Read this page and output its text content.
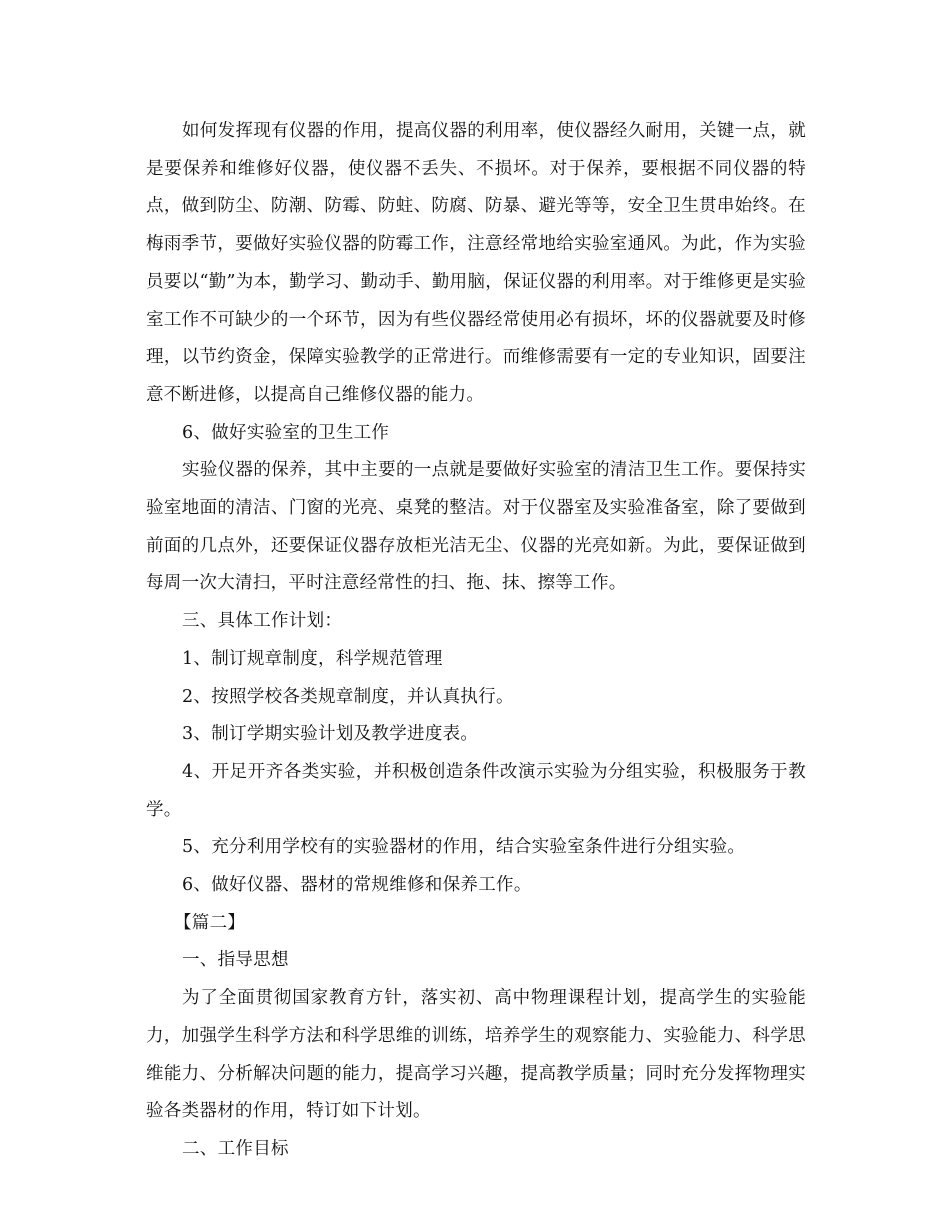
如何发挥现有仪器的作用，提高仪器的利用率，使仪器经久耐用，关键一点，就是要保养和维修好仪器，使仪器不丢失、不损坏。对于保养，要根据不同仪器的特点，做到防尘、防潮、防霉、防蛀、防腐、防暴、避光等等，安全卫生贯串始终。在梅雨季节，要做好实验仪器的防霉工作，注意经常地给实验室通风。为此，作为实验员要以“勤”为本，勤学习、勤动手、勤用脑，保证仪器的利用率。对于维修更是实验室工作不可缺少的一个环节，因为有些仪器经常使用必有损坏，坏的仪器就要及时修理，以节约资金，保障实验教学的正常进行。而维修需要有一定的专业知识，固要注意不断进修，以提高自己维修仪器的能力。

6、做好实验室的卫生工作

实验仪器的保养，其中主要的一点就是要做好实验室的清洁卫生工作。要保持实验室地面的清洁、门窗的光亮、桌凳的整洁。对于仪器室及实验准备室，除了要做到前面的几点外，还要保证仪器存放柜光洁无尘、仪器的光亮如新。为此，要保证做到每周一次大清扫，平时注意经常性的扫、拖、抹、擦等工作。

三、具体工作计划：

1、制订规章制度，科学规范管理

2、按照学校各类规章制度，并认真执行。

3、制订学期实验计划及教学进度表。

4、开足开齐各类实验，并积极创造条件改演示实验为分组实验，积极服务于教学。

5、充分利用学校有的实验器材的作用，结合实验室条件进行分组实验。

6、做好仪器、器材的常规维修和保养工作。

【篇二】

一、指导思想

为了全面贯彻国家教育方针，落实初、高中物理课程计划，提高学生的实验能力，加强学生科学方法和科学思维的训练，培养学生的观察能力、实验能力、科学思维能力、分析解决问题的能力，提高学习兴趣，提高教学质量；同时充分发挥物理实验各类器材的作用，特订如下计划。

二、工作目标
